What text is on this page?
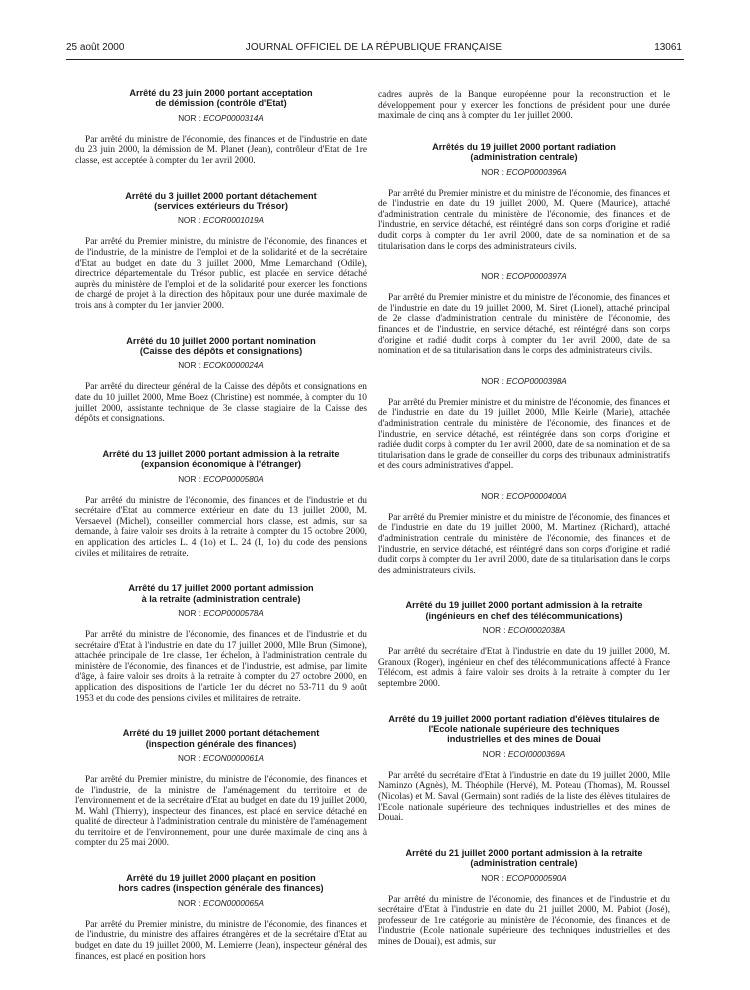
JOURNAL OFFICIEL DE LA RÉPUBLIQUE FRANÇAISE
25 août 2000	13061

Arrêté du 23 juin 2000 portant acceptation
de démission (contrôle d'Etat)

NOR : ECOP0000314A

Par arrêté du ministre de l'économie, des finances et de l'industrie en date du 23 juin 2000, la démission de M. Planet (Jean), contrôleur d'Etat de 1re classe, est acceptée à compter du 1er avril 2000.

Arrêté du 3 juillet 2000 portant détachement
(services extérieurs du Trésor)

NOR : ECOR0001019A

Par arrêté du Premier ministre, du ministre de l'économie, des finances et de l'industrie, de la ministre de l'emploi et de la solidarité et de la secrétaire d'Etat au budget en date du 3 juillet 2000, Mme Lemarchand (Odile), directrice départementale du Trésor public, est placée en service détaché auprès du ministère de l'emploi et de la solidarité pour exercer les fonctions de chargé de projet à la direction des hôpitaux pour une durée maximale de trois ans à compter du 1er janvier 2000.

Arrêté du 10 juillet 2000 portant nomination
(Caisse des dépôts et consignations)

NOR : ECOK0000024A

Par arrêté du directeur général de la Caisse des dépôts et consignations en date du 10 juillet 2000, Mme Boez (Christine) est nommée, à compter du 10 juillet 2000, assistante technique de 3e classe stagiaire de la Caisse des dépôts et consignations.

Arrêté du 13 juillet 2000 portant admission à la retraite
(expansion économique à l'étranger)

NOR : ECOP0000580A

Par arrêté du ministre de l'économie, des finances et de l'industrie et du secrétaire d'Etat au commerce extérieur en date du 13 juillet 2000, M. Versaevel (Michel), conseiller commercial hors classe, est admis, sur sa demande, à faire valoir ses droits à la retraite à compter du 15 octobre 2000, en application des articles L. 4 (1o) et L. 24 (I, 1o) du code des pensions civiles et militaires de retraite.

Arrêté du 17 juillet 2000 portant admission
à la retraite (administration centrale)

NOR : ECOP0000578A

Par arrêté du ministre de l'économie, des finances et de l'industrie et du secrétaire d'Etat à l'industrie en date du 17 juillet 2000, Mlle Brun (Simone), attachée principale de 1re classe, 1er échelon, à l'administration centrale du ministère de l'économie, des finances et de l'industrie, est admise, par limite d'âge, à faire valoir ses droits à la retraite à compter du 27 octobre 2000, en application des dispositions de l'article 1er du décret no 53-711 du 9 août 1953 et du code des pensions civiles et militaires de retraite.

Arrêté du 19 juillet 2000 portant détachement
(inspection générale des finances)

NOR : ECON0000061A

Par arrêté du Premier ministre, du ministre de l'économie, des finances et de l'industrie, de la ministre de l'aménagement du territoire et de l'environnement et de la secrétaire d'Etat au budget en date du 19 juillet 2000, M. Wahl (Thierry), inspecteur des finances, est placé en service détaché en qualité de directeur à l'administration centrale du ministère de l'aménagement du territoire et de l'environnement, pour une durée maximale de cinq ans à compter du 25 mai 2000.

Arrêté du 19 juillet 2000 plaçant en position
hors cadres (inspection générale des finances)

NOR : ECON0000065A

Par arrêté du Premier ministre, du ministre de l'économie, des finances et de l'industrie, du ministre des affaires étrangères et de la secrétaire d'Etat au budget en date du 19 juillet 2000, M. Lemierre (Jean), inspecteur général des finances, est placé en position hors

cadres auprès de la Banque européenne pour la reconstruction et le développement pour y exercer les fonctions de président pour une durée maximale de cinq ans à compter du 1er juillet 2000.

Arrêtés du 19 juillet 2000 portant radiation
(administration centrale)

NOR : ECOP0000396A

Par arrêté du Premier ministre et du ministre de l'économie, des finances et de l'industrie en date du 19 juillet 2000, M. Quere (Maurice), attaché d'administration centrale du ministère de l'économie, des finances et de l'industrie, en service détaché, est réintégré dans son corps d'origine et radié dudit corps à compter du 1er avril 2000, date de sa nomination et de sa titularisation dans le corps des administrateurs civils.

NOR : ECOP0000397A

Par arrêté du Premier ministre et du ministre de l'économie, des finances et de l'industrie en date du 19 juillet 2000, M. Siret (Lionel), attaché principal de 2e classe d'administration centrale du ministère de l'économie, des finances et de l'industrie, en service détaché, est réintégré dans son corps d'origine et radié dudit corps à compter du 1er avril 2000, date de sa nomination et de sa titularisation dans le corps des administrateurs civils.

NOR : ECOP0000398A

Par arrêté du Premier ministre et du ministre de l'économie, des finances et de l'industrie en date du 19 juillet 2000, Mlle Keirle (Marie), attachée d'administration centrale du ministère de l'économie, des finances et de l'industrie, en service détaché, est réintégrée dans son corps d'origine et radiée dudit corps à compter du 1er avril 2000, date de sa nomination et de sa titularisation dans le grade de conseiller du corps des tribunaux administratifs et des cours administratives d'appel.

NOR : ECOP0000400A

Par arrêté du Premier ministre et du ministre de l'économie, des finances et de l'industrie en date du 19 juillet 2000, M. Martinez (Richard), attaché d'administration centrale du ministère de l'économie, des finances et de l'industrie, en service détaché, est réintégré dans son corps d'origine et radié dudit corps à compter du 1er avril 2000, date de sa titularisation dans le corps des administrateurs civils.

Arrêté du 19 juillet 2000 portant admission à la retraite
(ingénieurs en chef des télécommunications)

NOR : ECOI0002038A

Par arrêté du secrétaire d'Etat à l'industrie en date du 19 juillet 2000, M. Granoux (Roger), ingénieur en chef des télécommunications affecté à France Télécom, est admis à faire valoir ses droits à la retraite à compter du 1er septembre 2000.

Arrêté du 19 juillet 2000 portant radiation d'élèves titulaires de l'Ecole nationale supérieure des techniques
industrielles et des mines de Douai

NOR : ECOI0000369A

Par arrêté du secrétaire d'Etat à l'industrie en date du 19 juillet 2000, Mlle Naminzo (Agnès), M. Théophile (Hervé), M. Poteau (Thomas), M. Roussel (Nicolas) et M. Saval (Germain) sont radiés de la liste des élèves titulaires de l'Ecole nationale supérieure des techniques industrielles et des mines de Douai.

Arrêté du 21 juillet 2000 portant admission à la retraite
(administration centrale)

NOR : ECOP0000590A

Par arrêté du ministre de l'économie, des finances et de l'industrie et du secrétaire d'Etat à l'industrie en date du 21 juillet 2000, M. Pabiot (José), professeur de 1re catégorie au ministère de l'économie, des finances et de l'industrie (Ecole nationale supérieure des techniques industrielles et des mines de Douai), est admis, sur
